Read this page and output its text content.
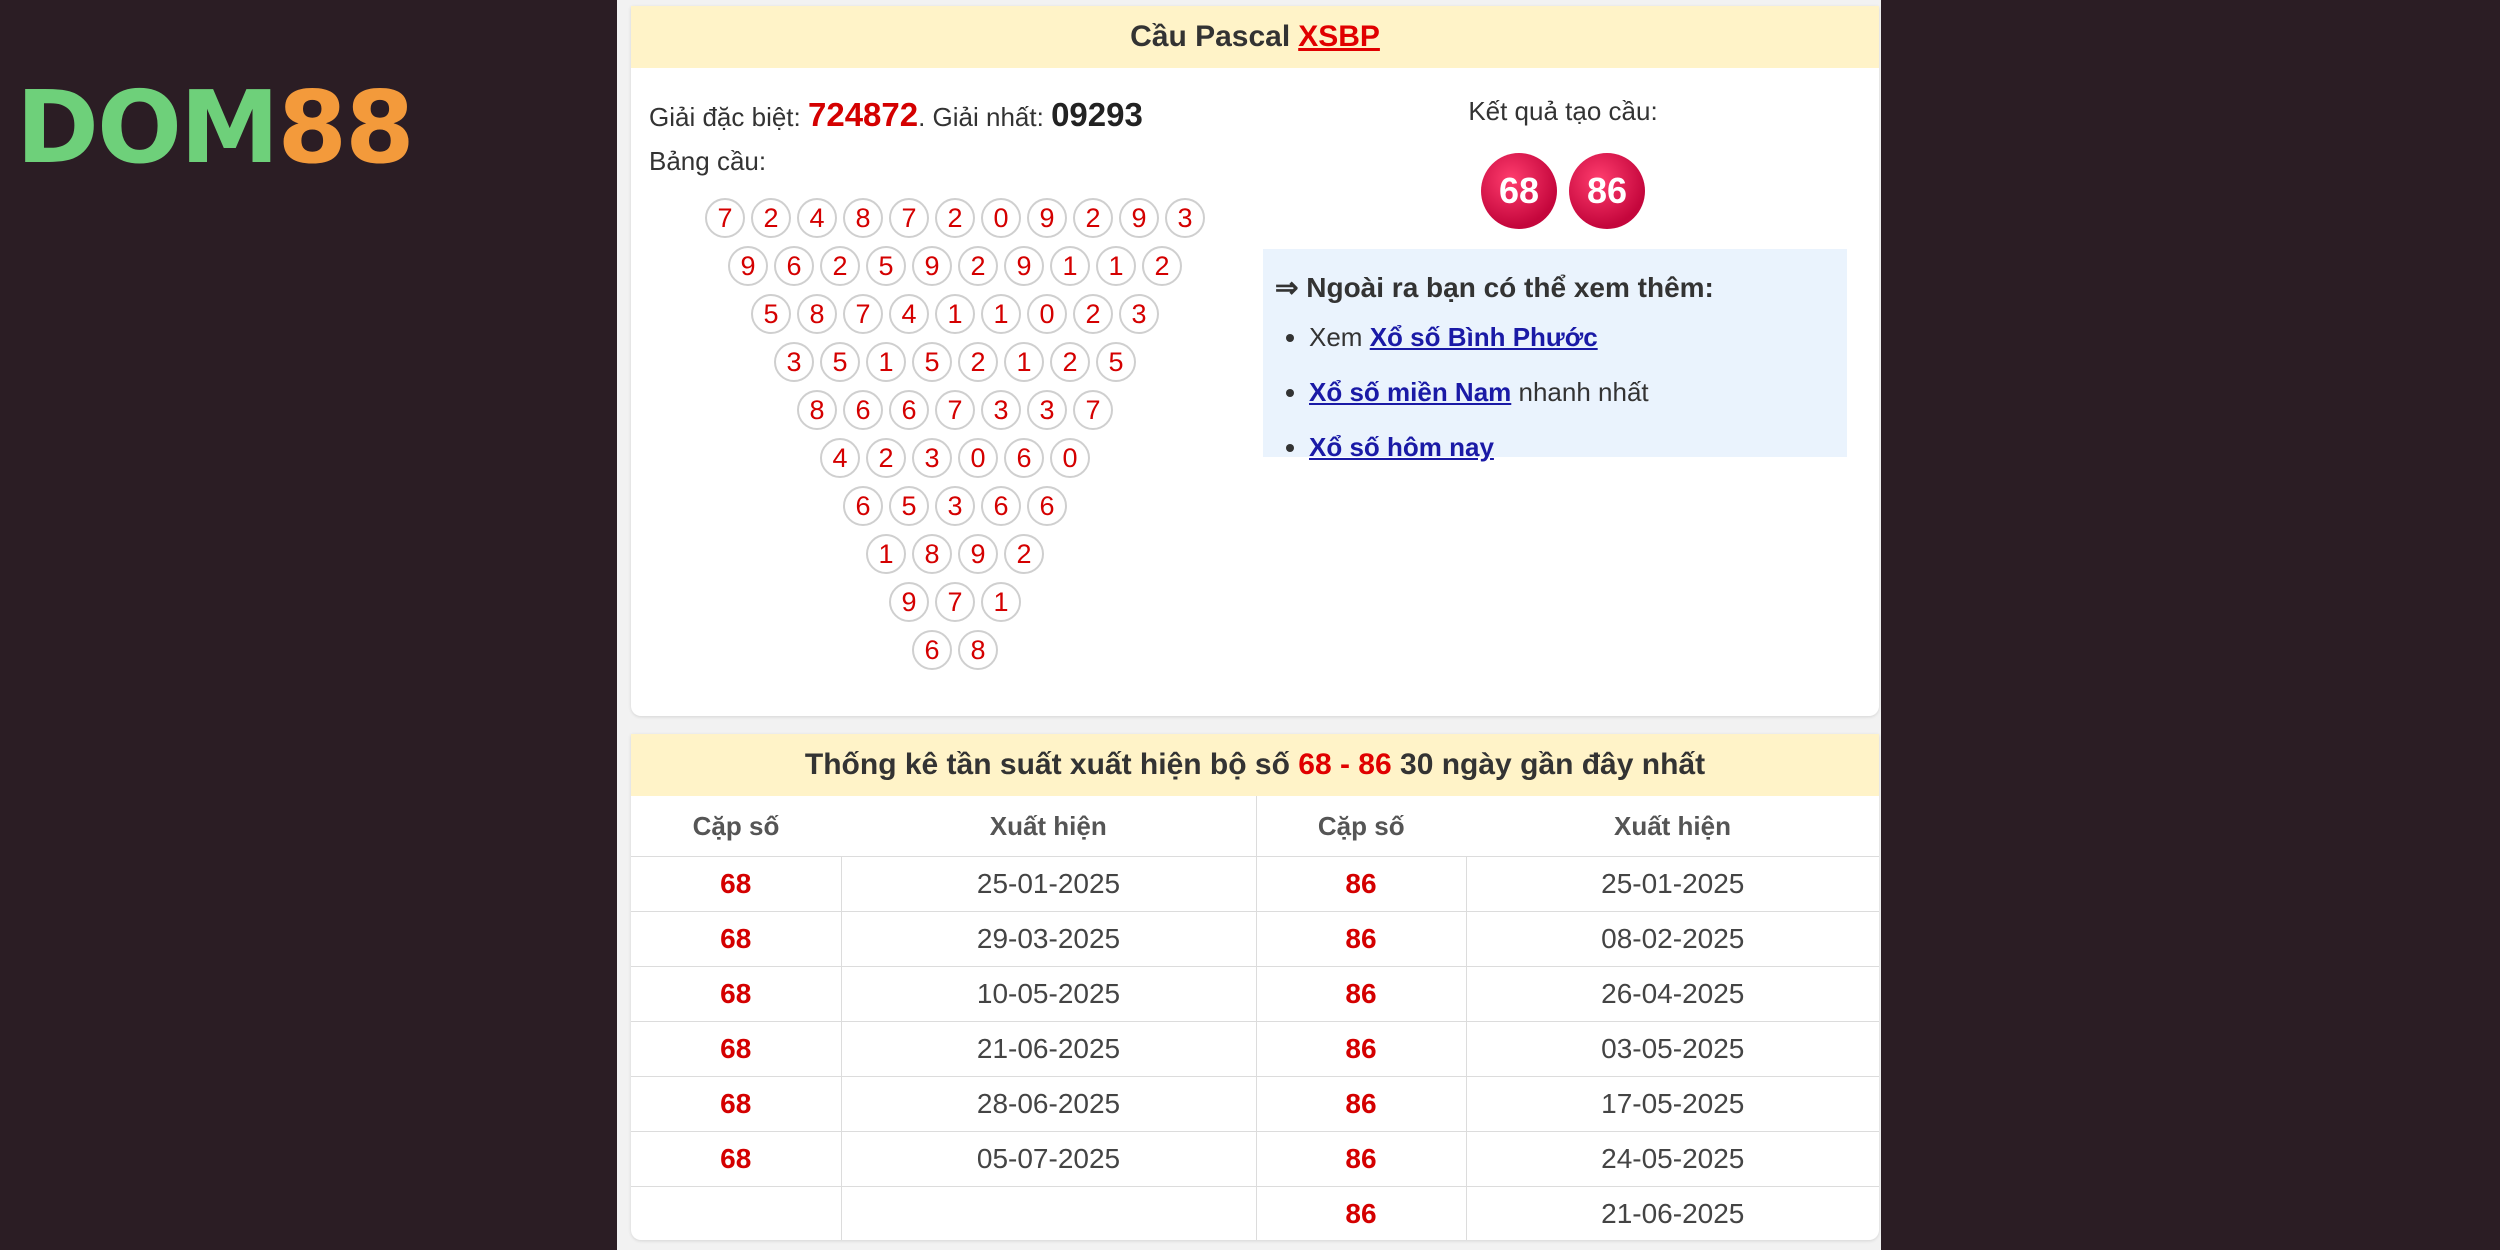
DOM88
Cầu Pascal XSBP
Giải đặc biệt: 724872. Giải nhất: 09293
Bảng cầu:
7	2	4	8	7	2	0	9	2	9	3
9	6	2	5	9	2	9	1	1	2
5	8	7	4	1	1	0	2	3
3	5	1	5	2	1	2	5
8	6	6	7	3	3	7
4	2	3	0	6	0
6	5	3	6	6
1	8	9	2
9	7	1
6	8
Kết quả tạo cầu:
68	86
⇒ Ngoài ra bạn có thể xem thêm:
• Xem Xổ số Bình Phước
• Xổ số miền Nam nhanh nhất
• Xổ số hôm nay
Thống kê tần suất xuất hiện bộ số 68 - 86 30 ngày gần đây nhất
Cặp số	Xuất hiện	Cặp số	Xuất hiện
68	25-01-2025	86	25-01-2025
68	29-03-2025	86	08-02-2025
68	10-05-2025	86	26-04-2025
68	21-06-2025	86	03-05-2025
68	28-06-2025	86	17-05-2025
68	05-07-2025	86	24-05-2025
		86	21-06-2025
